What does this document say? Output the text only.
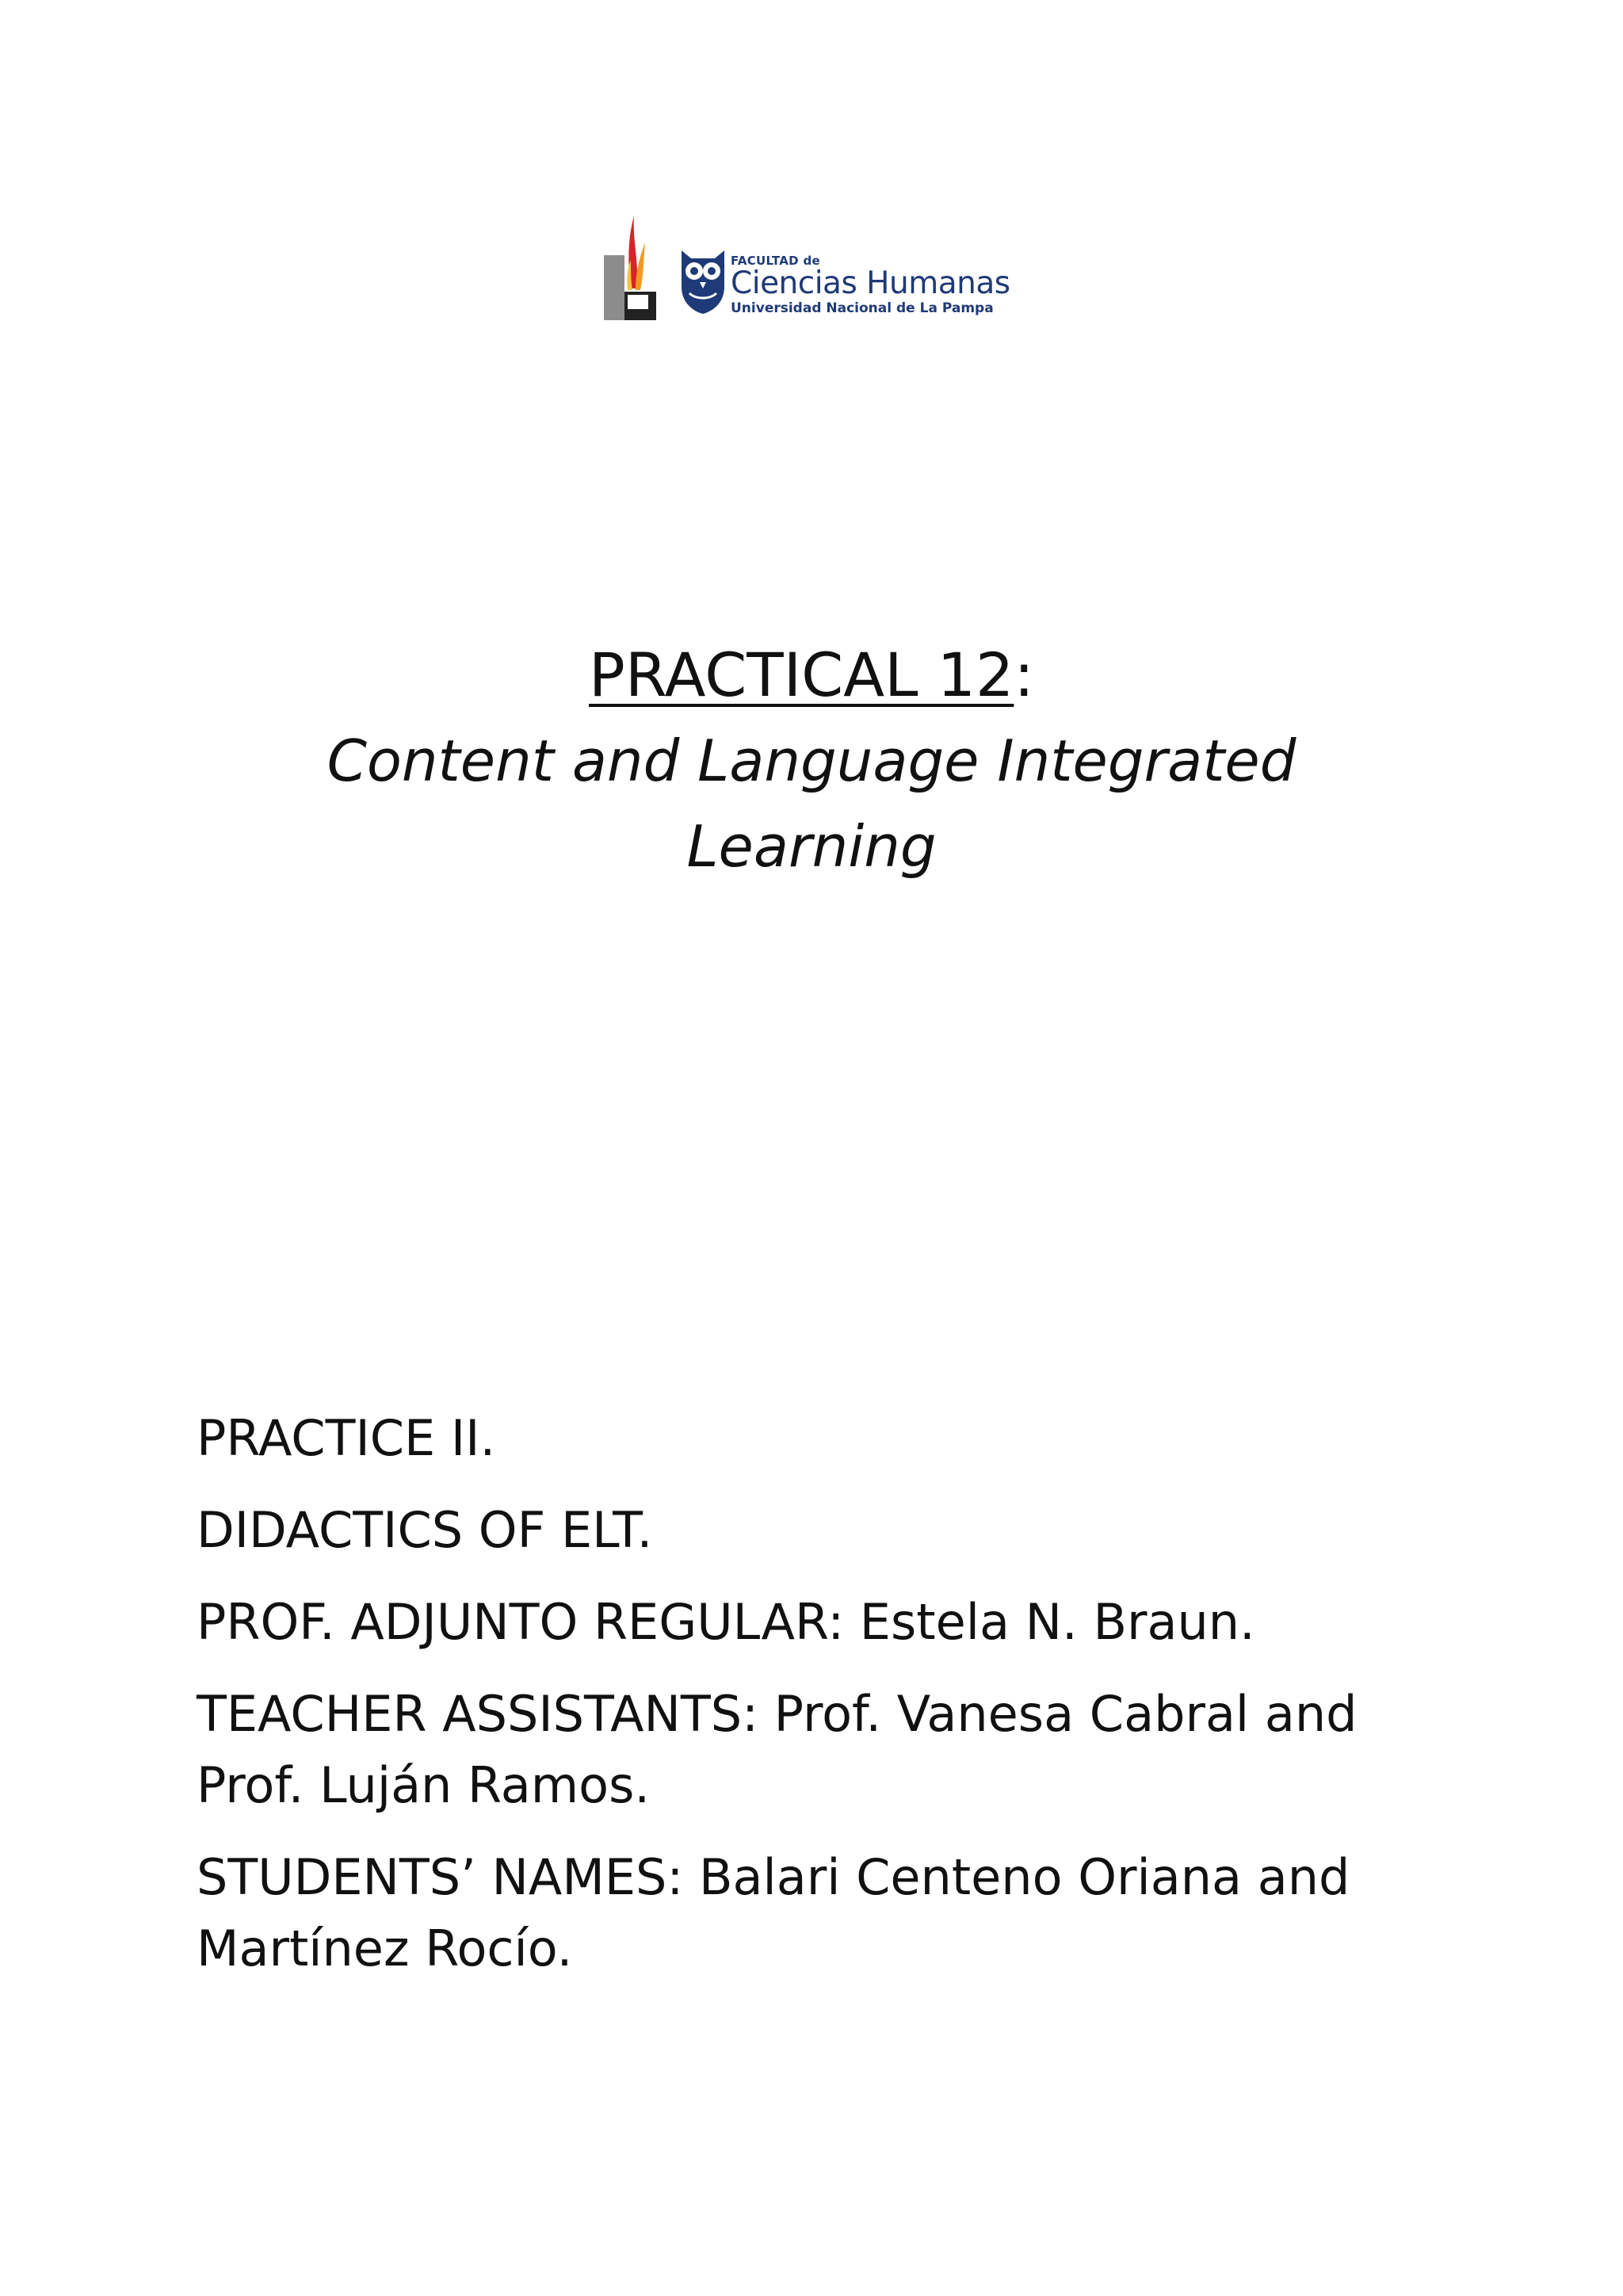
FACULTAD de
Ciencias Humanas
Universidad Nacional de La Pampa
PRACTICAL 12:
Content and Language Integrated Learning
PRACTICE II.
DIDACTICS OF ELT.
PROF. ADJUNTO REGULAR: Estela N. Braun.
TEACHER ASSISTANTS: Prof. Vanesa Cabral and Prof. Luján Ramos.
STUDENTS’ NAMES: Balari Centeno Oriana and Martínez Rocío.
